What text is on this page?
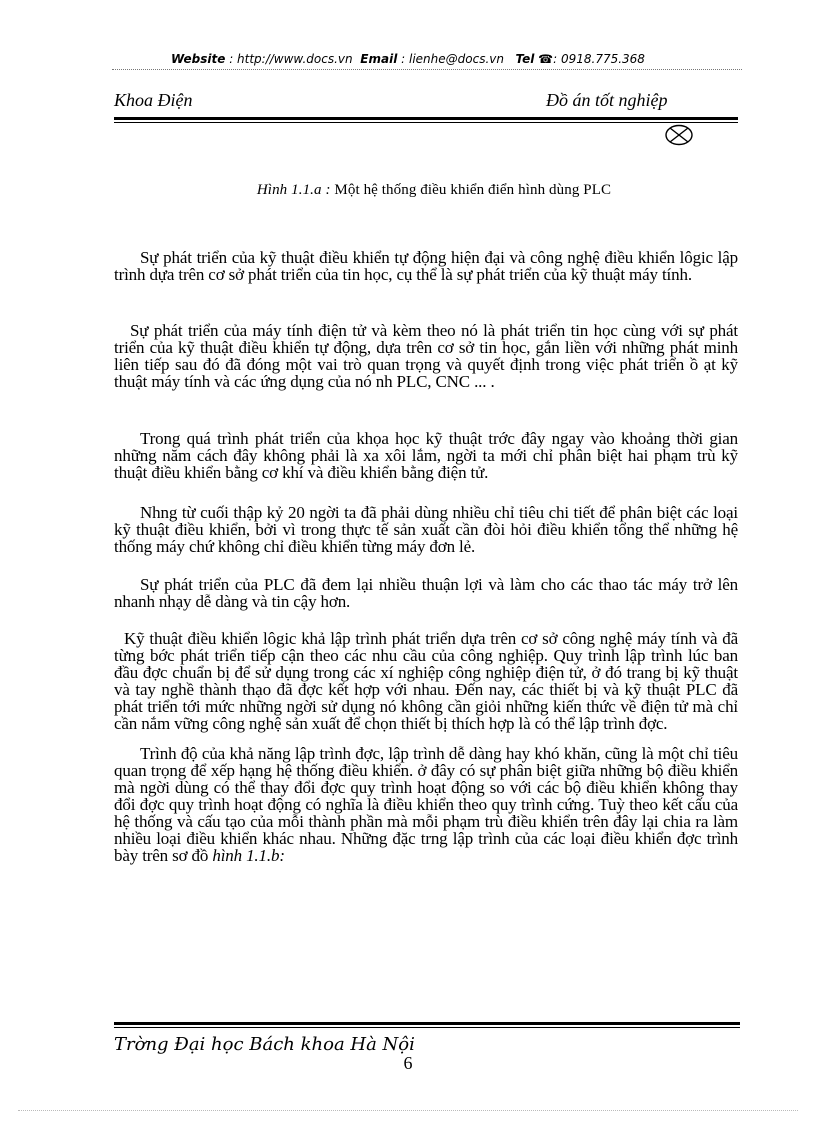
Website : http://www.docs.vn Email : lienhe@docs.vn Tel ☎: 0918.775.368
Khoa Điện	Đồ án tốt nghiệp
Hình 1.1.a : Một hệ thống điều khiển điển hình dùng PLC
Sự phát triển của kỹ thuật điều khiển tự động hiện đại và công nghệ điều khiển lôgic lập trình dựa trên cơ sở phát triển của tin học, cụ thể là sự phát triển của kỹ thuật máy tính.
Sự phát triển của máy tính điện tử và kèm theo nó là phát triển tin học cùng với sự phát triển của kỹ thuật điều khiển tự động, dựa trên cơ sở tin học, gắn liền với những phát minh liên tiếp sau đó đã đóng một vai trò quan trọng và quyết định trong việc phát triển ồ ạt kỹ thuật máy tính và các ứng dụng của nó nh PLC, CNC ... .
Trong quá trình phát triển của khọa học kỹ thuật trớc đây ngay vào khoảng thời gian những năm cách đây không phải là xa xôi lắm, ngời ta mới chỉ phân biệt hai phạm trù kỹ thuật điều khiển bằng cơ khí và điều khiển bằng điện tử.
Nhng từ cuối thập kỷ 20 ngời ta đã phải dùng nhiều chỉ tiêu chi tiết để phân biệt các loại kỹ thuật điều khiển, bởi vì trong thực tế sản xuất cần đòi hỏi điều khiển tổng thể những hệ thống máy chứ không chỉ điều khiển từng máy đơn lẻ.
Sự phát triển của PLC đã đem lại nhiều thuận lợi và làm cho các thao tác máy trở lên nhanh nhạy dễ dàng và tin cậy hơn.
Kỹ thuật điều khiển lôgic khả lập trình phát triển dựa trên cơ sở công nghệ máy tính và đã từng bớc phát triển tiếp cận theo các nhu cầu của công nghiệp. Quy trình lập trình lúc ban đầu đợc chuẩn bị để sử dụng trong các xí nghiệp công nghiệp điện tử, ở đó trang bị kỹ thuật và tay nghề thành thạo đã đợc kết hợp với nhau. Đến nay, các thiết bị và kỹ thuật PLC đã phát triển tới mức những ngời sử dụng nó không cần giỏi những kiến thức về điện tử mà chỉ cần nắm vững công nghệ sản xuất để chọn thiết bị thích hợp là có thể lập trình đợc.
Trình độ của khả năng lập trình đợc, lập trình dễ dàng hay khó khăn, cũng là một chỉ tiêu quan trọng để xếp hạng hệ thống điều khiển. ở đây có sự phân biệt giữa những bộ điều khiển mà ngời dùng có thể thay đổi đợc quy trình hoạt động so với các bộ điều khiển không thay đổi đợc quy trình hoạt động có nghĩa là điều khiển theo quy trình cứng. Tuỳ theo kết cấu của hệ thống và cấu tạo của mỗi thành phần mà mỗi phạm trù điều khiển trên đây lại chia ra làm nhiều loại điều khiển khác nhau. Những đặc trng lập trình của các loại điều khiển đợc trình bày trên sơ đồ hình 1.1.b:
Trờng Đại học Bách khoa Hà Nội
6
